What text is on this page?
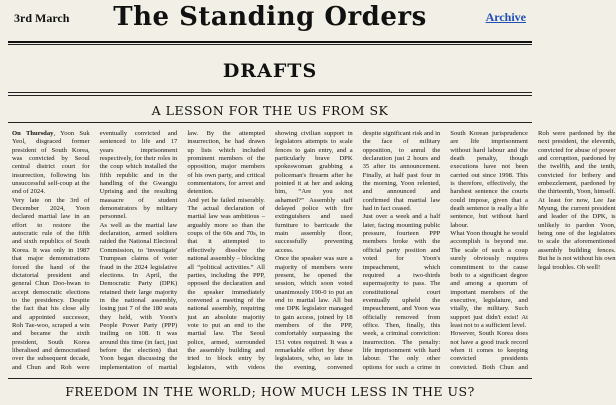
3rd March	The Standing Orders	Archive
DRAFTS
A LESSON FOR THE US FROM SK

On Thursday, Yoon Suk Yeol, disgraced former president of South Korea, was convicted by Seoul central district court for insurrection, following his unsuccessful self-coup at the end of 2024.

Very late on the 3rd of December 2024, Yoon declared martial law in an effort to restore the autocratic rule of the fifth and sixth republics of South Korea. It was only in 1987 that major demonstrations forced the hand of the dictatorial president and general Chun Doo-hwan to accept democratic elections to the presidency. Despite the fact that his close ally and appointed successor, Roh Tae-woo, scraped a win and became the sixth president, South Korea liberalised and democratised over the subsequent decade, and Chun and Roh were eventually convicted and sentenced to life and 17 years imprisonment respectively, for their roles in the coup which installed the fifth republic and in the handling of the Gwangju Uprising and the resulting massacre of student demonstrators by military personnel.

As well as the martial law declaration, armed soldiers raided the National Electoral Commission, to 'investigate' Trumpean claims of voter fraud in the 2024 legislative elections. In April, the Democratic Party (DPK) retained their large majority in the national assembly, losing just 7 of the 180 seats they held, with Yoon's People Power Party (PPP) trailing on 108. It was around this time (in fact, just before the election) that Yoon began discussing the implementation of martial law. By the attempted insurrection, he had drawn up lists which included prominent members of the opposition, major members of his own party, and critical commentators, for arrest and detention.

And yet he failed miserably. The actual declaration of martial law was ambitious – arguably more so than the coups of the 60s and 70s, in that it attempted to effectively dissolve the national assembly – blocking all “political activities.” All parties, including the PPP, opposed the declaration and the speaker immediately convened a meeting of the national assembly, requiring just an absolute majority vote to put an end to the martial law. The Seoul police, armed, surrounded the assembly building and tried to block entry by legislators, with videos showing civilian support in legislators attempts to scale fences to gain entry, and a particularly brave DPK spokeswoman grabbing a policeman's firearm after he pointed it at her and asking him, “Are you not ashamed?” Assembly staff delayed police with fire extinguishers and used furniture to barricade the main assembly floor, successfully preventing access.

Once the speaker was sure a majority of members were present, he opened the session, which soon voted unanimously 190-0 to put an end to martial law. All but one DPK legislator managed to gain access, joined by 18 members of the PPP, comfortably surpassing the 151 votes required. It was a remarkable effort by these legislators, who, so late in the evening, convened despite significant risk and in the face of military opposition, to annul the declaration just 2 hours and 35 after its announcement. Finally, at half past four in the morning, Yoon relented, and announced and confirmed that martial law had in fact ceased.

Just over a week and a half later, facing mounting public pressure, fourteen PPP members broke with the official party position and voted for Yoon's impeachment, which required a two-thirds supermajority to pass. The constitutional court eventually upheld the impeachment, and Yoon was officially removed from office. Then, finally, this week, a criminal conviction: insurrection. The penalty: life imprisonment with hard labour. The only other options for such a crime in South Korean jurisprudence are life imprisonment without hard labour and the death penalty, though executions have not been carried out since 1998. This is therefore, effectively, the harshest sentence the courts could impose, given that a death sentence is really a life sentence, but without hard labour.

What Yoon thought he would accomplish is beyond me. The scale of such a coup surely obviously requires commitment to the cause both to a significant degree and among a quorum of important members of the executive, legislature, and vitally, the military. Such support just didn't exist! At least not to a sufficient level.

However, South Korea does not have a good track record when it comes to keeping convicted presidents convicted. Both Chun and Roh were pardoned by the next president, the eleventh, convicted for abuse of power and corruption, pardoned by the twelfth, and the tenth, convicted for bribery and embezzlement, pardoned by the thirteenth, Yoon, himself. At least for now, Lee Jae Myung, the current president and leader of the DPK, is unlikely to pardon Yoon, being one of the legislators to scale the aforementioned assembly building fences. But he is not without his own legal troubles. Oh well!

FREEDOM IN THE WORLD; HOW MUCH LESS IN THE US?
